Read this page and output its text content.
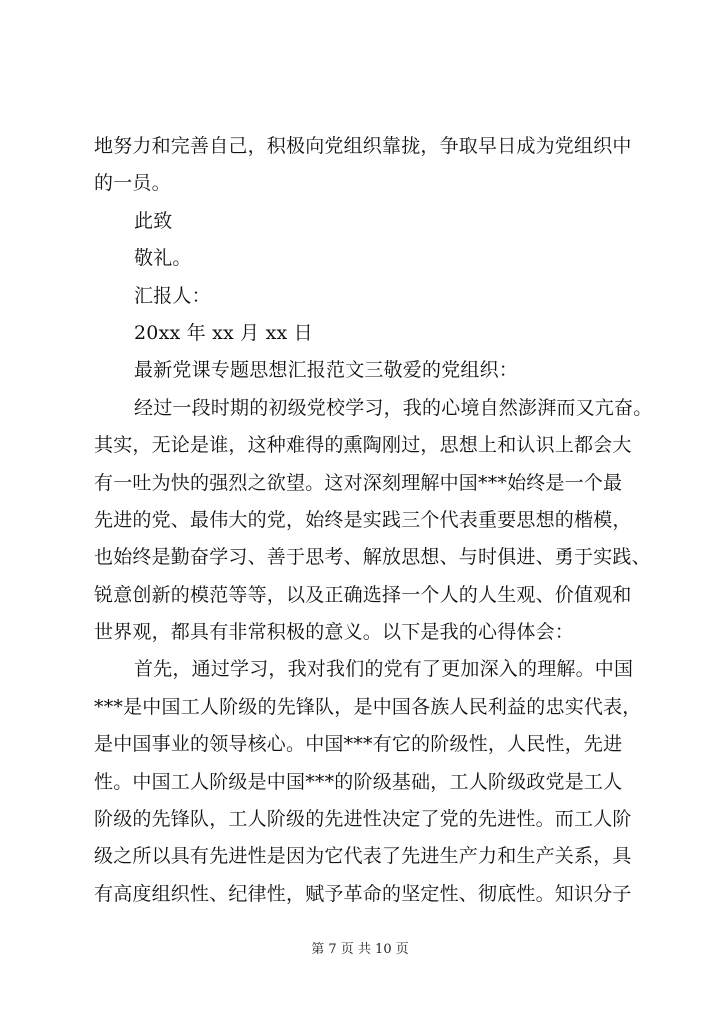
地努力和完善自己，积极向党组织靠拢，争取早日成为党组织中
的一员。
此致
敬礼。
汇报人：
20xx 年 xx 月 xx 日
最新党课专题思想汇报范文三敬爱的党组织：
经过一段时期的初级党校学习，我的心境自然澎湃而又亢奋。
其实，无论是谁，这种难得的熏陶刚过，思想上和认识上都会大
有一吐为快的强烈之欲望。这对深刻理解中国***始终是一个最
先进的党、最伟大的党，始终是实践三个代表重要思想的楷模，
也始终是勤奋学习、善于思考、解放思想、与时俱进、勇于实践、
锐意创新的模范等等，以及正确选择一个人的人生观、价值观和
世界观，都具有非常积极的意义。以下是我的心得体会：
首先，通过学习，我对我们的党有了更加深入的理解。中国
***是中国工人阶级的先锋队，是中国各族人民利益的忠实代表，
是中国事业的领导核心。中国***有它的阶级性，人民性，先进
性。中国工人阶级是中国***的阶级基础，工人阶级政党是工人
阶级的先锋队，工人阶级的先进性决定了党的先进性。而工人阶
级之所以具有先进性是因为它代表了先进生产力和生产关系，具
有高度组织性、纪律性，赋予革命的坚定性、彻底性。知识分子
第 7 页 共 10 页
